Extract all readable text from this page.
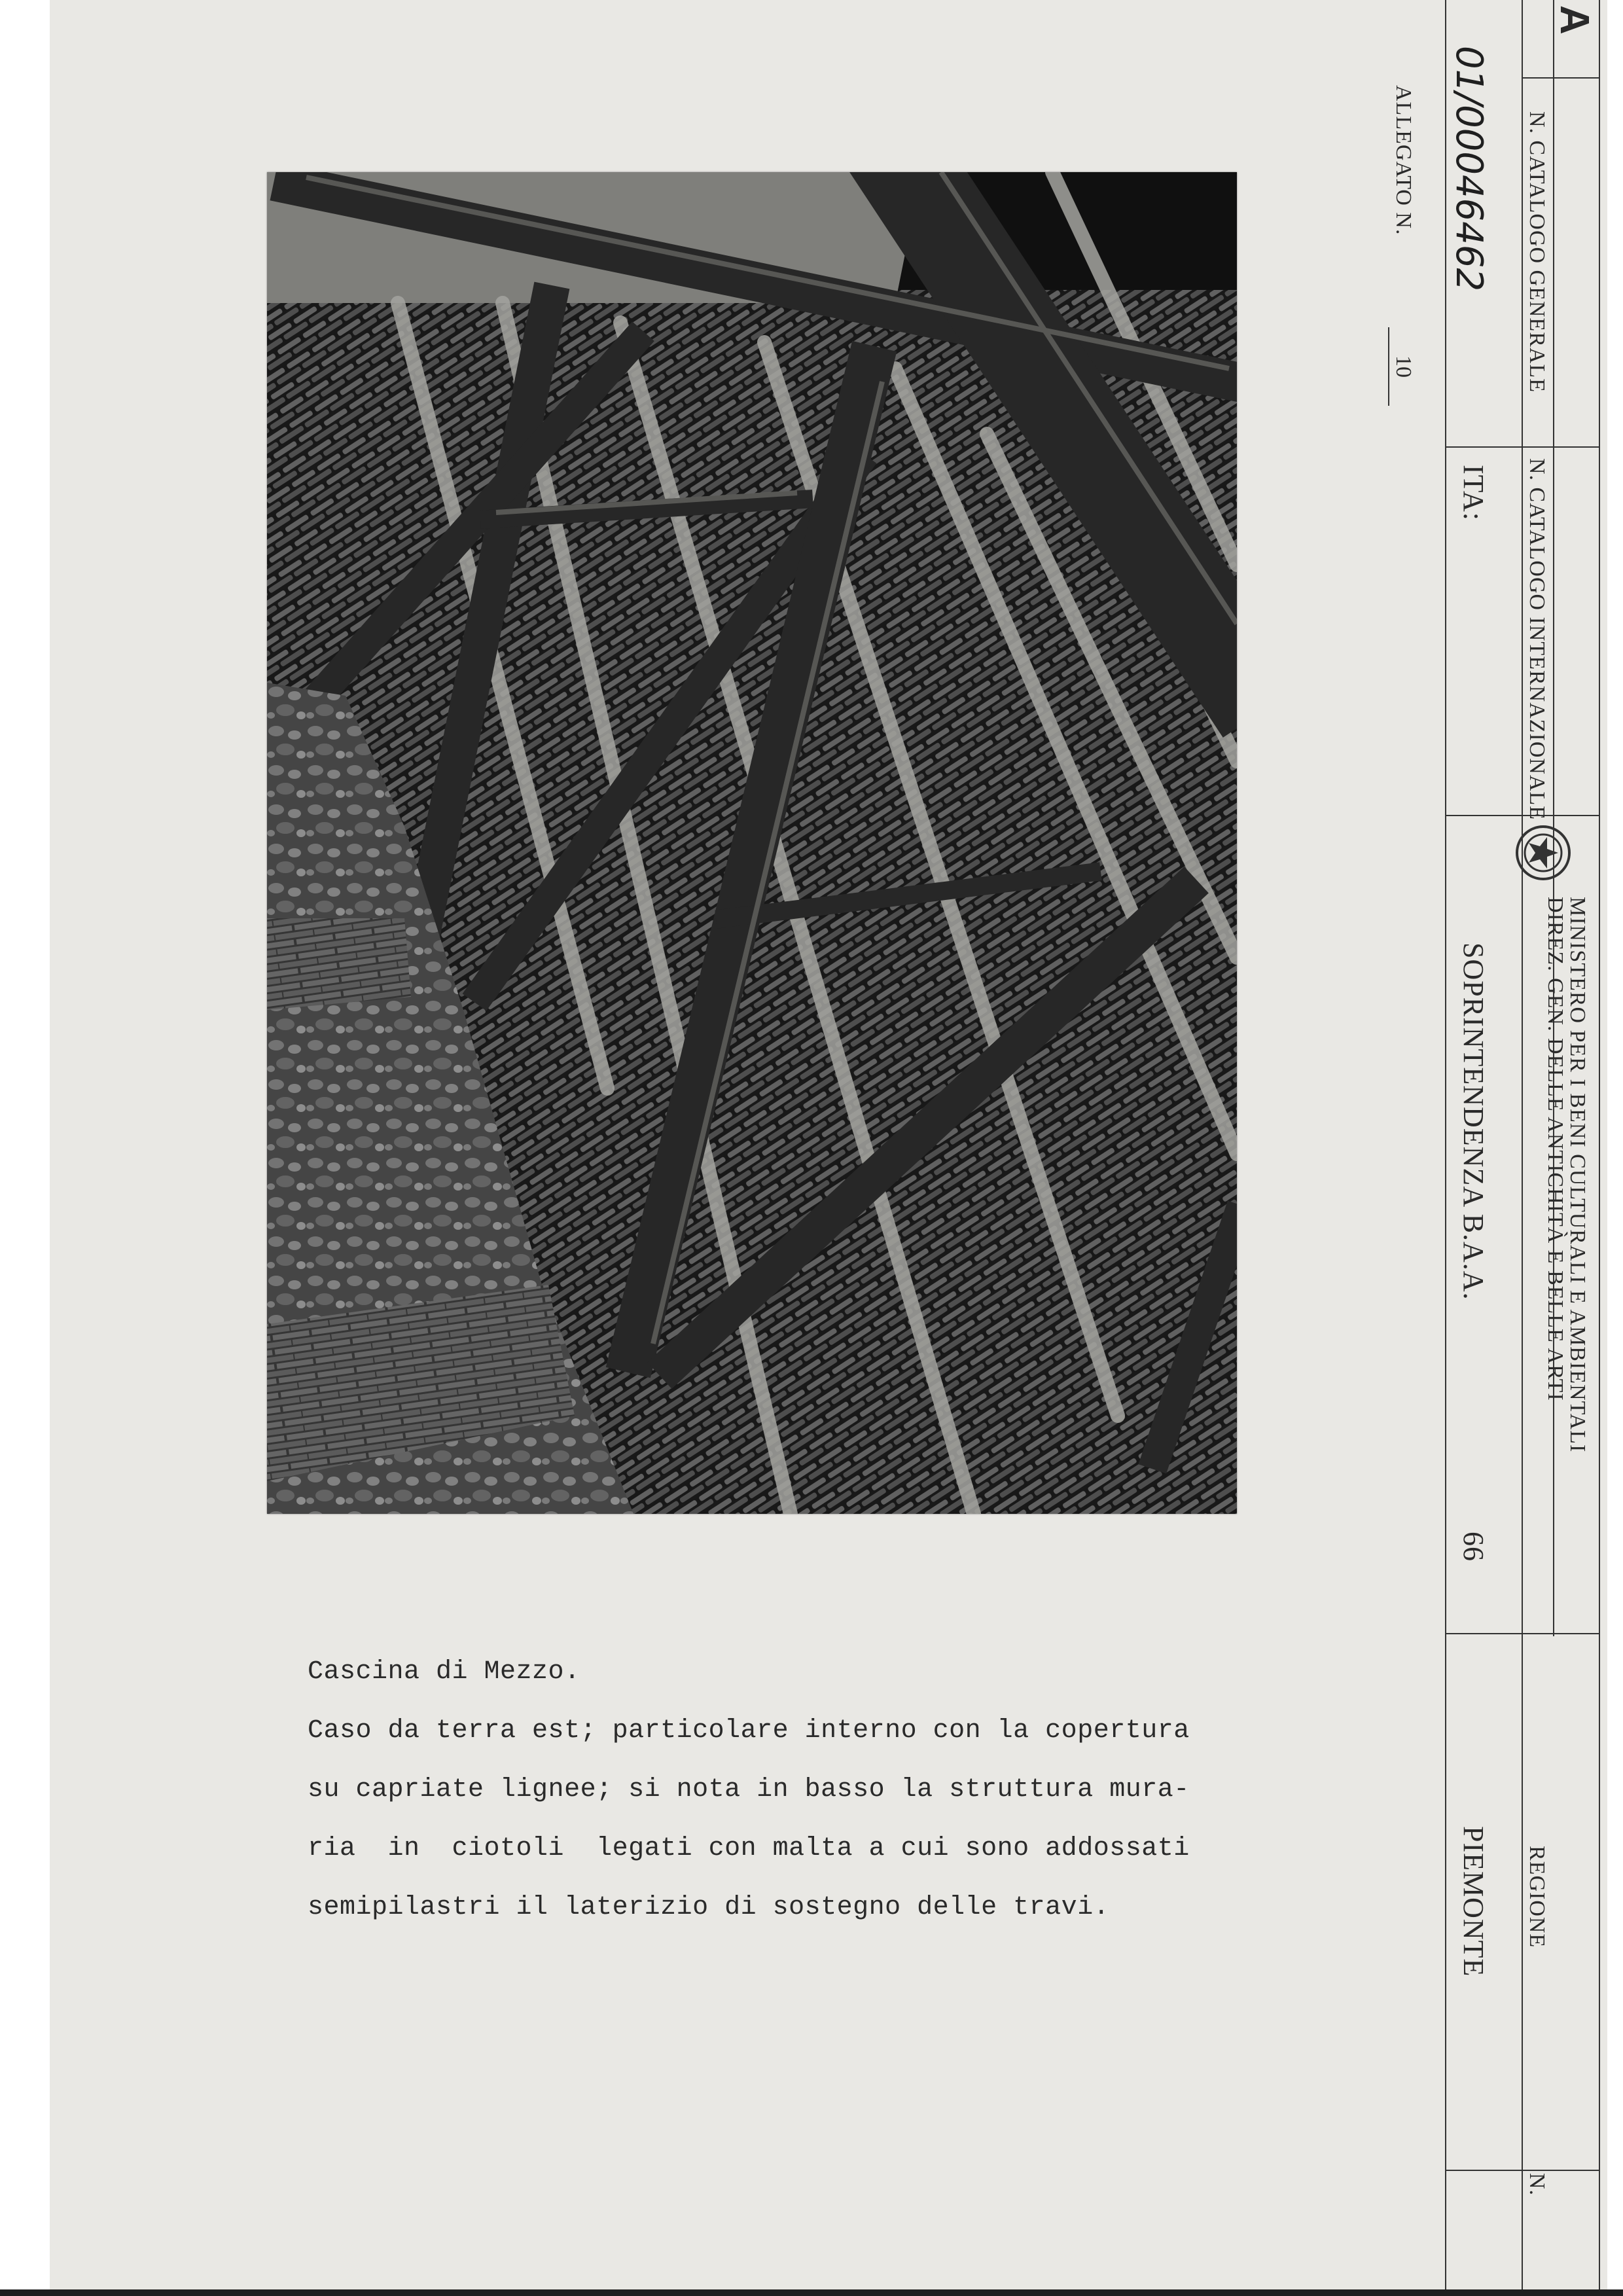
Cascina di Mezzo.
Caso da terra est; particolare interno con la copertura
su capriate lignee; si nota in basso la struttura mura-
ria  in  ciotoli  legati con malta a cui sono addossati
semipilastri il laterizio di sostegno delle travi.
A
N. CATALOGO GENERALE
01/00046462
ALLEGATO N.
10
N. CATALOGO INTERNAZIONALE
ITA:
MINISTERO PER I BENI CULTURALI E AMBIENTALI
DIREZ. GEN. DELLE ANTICHITÀ E BELLE ARTI
SOPRINTENDENZA B.A.A.
66
REGIONE
PIEMONTE
N.
